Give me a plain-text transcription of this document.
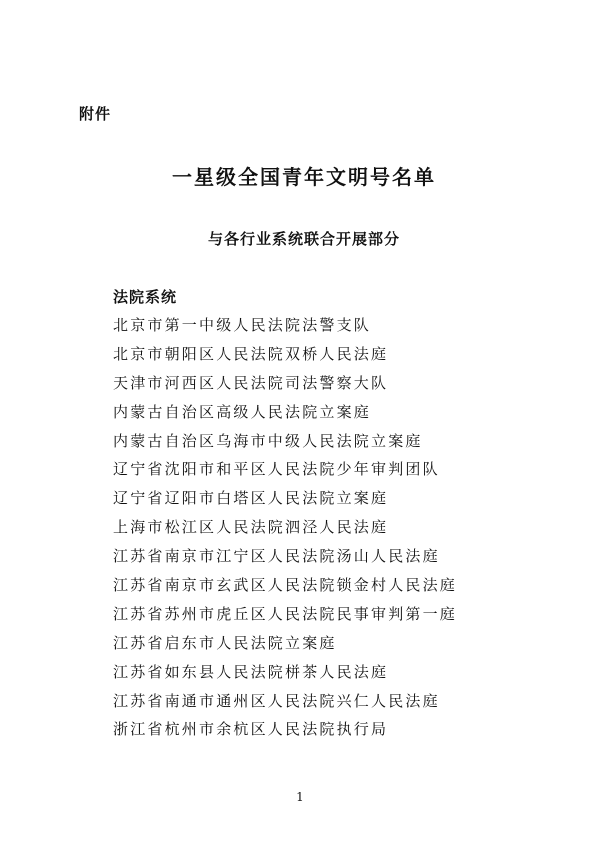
附件
一星级全国青年文明号名单
与各行业系统联合开展部分
法院系统
北京市第一中级人民法院法警支队
北京市朝阳区人民法院双桥人民法庭
天津市河西区人民法院司法警察大队
内蒙古自治区高级人民法院立案庭
内蒙古自治区乌海市中级人民法院立案庭
辽宁省沈阳市和平区人民法院少年审判团队
辽宁省辽阳市白塔区人民法院立案庭
上海市松江区人民法院泗泾人民法庭
江苏省南京市江宁区人民法院汤山人民法庭
江苏省南京市玄武区人民法院锁金村人民法庭
江苏省苏州市虎丘区人民法院民事审判第一庭
江苏省启东市人民法院立案庭
江苏省如东县人民法院栟茶人民法庭
江苏省南通市通州区人民法院兴仁人民法庭
浙江省杭州市余杭区人民法院执行局
1
